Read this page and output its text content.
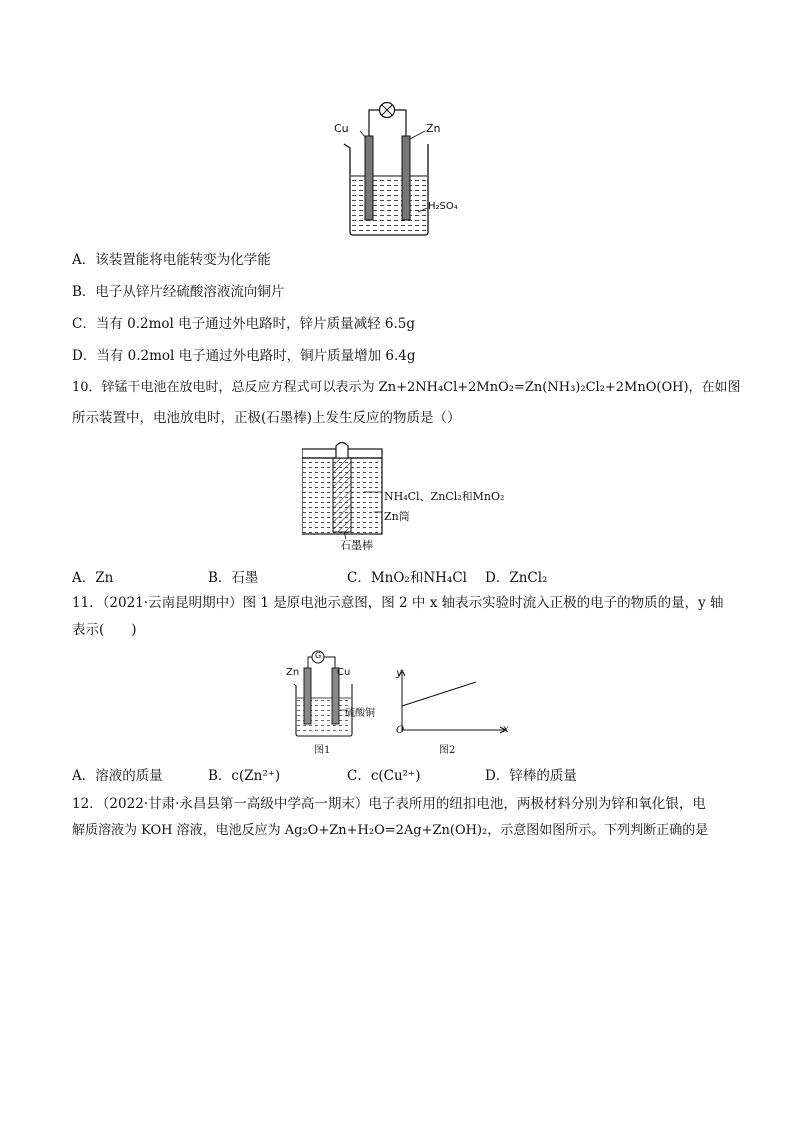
Cu	Zn
H₂SO₄
A．该装置能将电能转变为化学能
B．电子从锌片经硫酸溶液流向铜片
C．当有 0.2mol 电子通过外电路时，锌片质量减轻 6.5g
D．当有 0.2mol 电子通过外电路时，铜片质量增加 6.4g
10．锌锰干电池在放电时，总反应方程式可以表示为 Zn+2NH₄Cl+2MnO₂=Zn(NH₃)₂Cl₂+2MnO(OH)，在如图
所示装置中，电池放电时，正极(石墨棒)上发生反应的物质是（）
NH₄Cl、ZnCl₂和MnO₂
Zn筒
石墨棒
A．Zn	B．石墨	C．MnO₂和NH₄Cl D．ZnCl₂
11．（2021·云南昆明期中）图 1 是原电池示意图，图 2 中 x 轴表示实验时流入正极的电子的物质的量，y 轴
表示(　　)
G
Zn	Cu
硫酸铜
图1
y
x
O
图2
A．溶液的质量	B．c(Zn²⁺)	C．c(Cu²⁺)	D．锌棒的质量
12．（2022·甘肃·永昌县第一高级中学高一期末）电子表所用的纽扣电池，两极材料分别为锌和氧化银，电
解质溶液为 KOH 溶液，电池反应为 Ag₂O+Zn+H₂O=2Ag+Zn(OH)₂，示意图如图所示。下列判断正确的是
